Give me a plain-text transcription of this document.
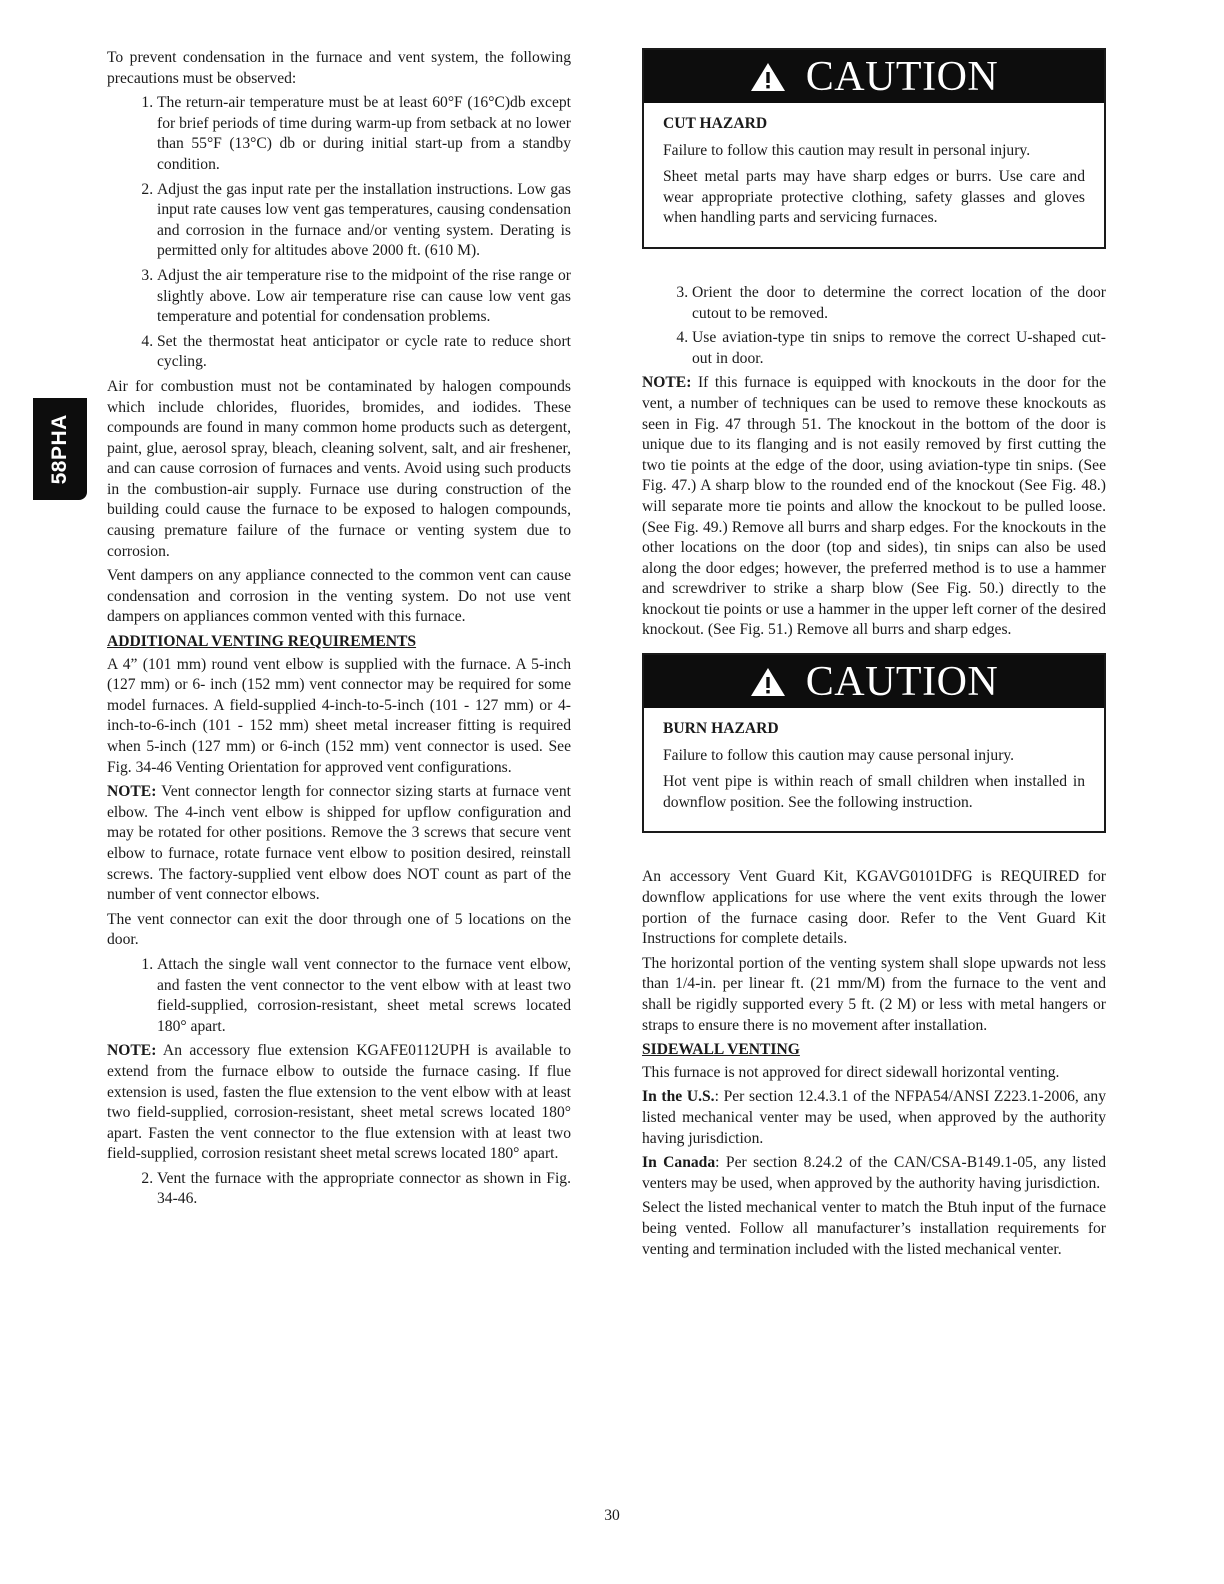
58PHA

To prevent condensation in the furnace and vent system, the following precautions must be observed:

1. The return-air temperature must be at least 60°F (16°C)db except for brief periods of time during warm-up from setback at no lower than 55°F (13°C) db or during initial start-up from a standby condition.
2. Adjust the gas input rate per the installation instructions. Low gas input rate causes low vent gas temperatures, causing condensation and corrosion in the furnace and/or venting system. Derating is permitted only for altitudes above 2000 ft. (610 M).
3. Adjust the air temperature rise to the midpoint of the rise range or slightly above. Low air temperature rise can cause low vent gas temperature and potential for condensation problems.
4. Set the thermostat heat anticipator or cycle rate to reduce short cycling.

Air for combustion must not be contaminated by halogen compounds which include chlorides, fluorides, bromides, and iodides. These compounds are found in many common home products such as detergent, paint, glue, aerosol spray, bleach, cleaning solvent, salt, and air freshener, and can cause corrosion of furnaces and vents. Avoid using such products in the combustion-air supply. Furnace use during construction of the building could cause the furnace to be exposed to halogen compounds, causing premature failure of the furnace or venting system due to corrosion.

Vent dampers on any appliance connected to the common vent can cause condensation and corrosion in the venting system. Do not use vent dampers on appliances common vented with this furnace.

ADDITIONAL VENTING REQUIREMENTS

A 4” (101 mm) round vent elbow is supplied with the furnace. A 5-inch (127 mm) or 6- inch (152 mm) vent connector may be required for some model furnaces. A field-supplied 4-inch-to-5-inch (101 - 127 mm) or 4-inch-to-6-inch (101 - 152 mm) sheet metal increaser fitting is required when 5-inch (127 mm) or 6-inch (152 mm) vent connector is used. See Fig. 34-46 Venting Orientation for approved vent configurations.

NOTE: Vent connector length for connector sizing starts at furnace vent elbow. The 4-inch vent elbow is shipped for upflow configuration and may be rotated for other positions. Remove the 3 screws that secure vent elbow to furnace, rotate furnace vent elbow to position desired, reinstall screws. The factory-supplied vent elbow does NOT count as part of the number of vent connector elbows.

The vent connector can exit the door through one of 5 locations on the door.

1. Attach the single wall vent connector to the furnace vent elbow, and fasten the vent connector to the vent elbow with at least two field-supplied, corrosion-resistant, sheet metal screws located 180° apart.

NOTE: An accessory flue extension KGAFE0112UPH is available to extend from the furnace elbow to outside the furnace casing. If flue extension is used, fasten the flue extension to the vent elbow with at least two field-supplied, corrosion-resistant, sheet metal screws located 180° apart. Fasten the vent connector to the flue extension with at least two field-supplied, corrosion resistant sheet metal screws located 180° apart.

2. Vent the furnace with the appropriate connector as shown in Fig. 34-46.
CAUTION

CUT HAZARD

Failure to follow this caution may result in personal injury.

Sheet metal parts may have sharp edges or burrs. Use care and wear appropriate protective clothing, safety glasses and gloves when handling parts and servicing furnaces.

3. Orient the door to determine the correct location of the door cutout to be removed.
4. Use aviation-type tin snips to remove the correct U-shaped cut-out in door.

NOTE: If this furnace is equipped with knockouts in the door for the vent, a number of techniques can be used to remove these knockouts as seen in Fig. 47 through 51. The knockout in the bottom of the door is unique due to its flanging and is not easily removed by first cutting the two tie points at the edge of the door, using aviation-type tin snips. (See Fig. 47.) A sharp blow to the rounded end of the knockout (See Fig. 48.) will separate more tie points and allow the knockout to be pulled loose. (See Fig. 49.) Remove all burrs and sharp edges. For the knockouts in the other locations on the door (top and sides), tin snips can also be used along the door edges; however, the preferred method is to use a hammer and screwdriver to strike a sharp blow (See Fig. 50.) directly to the knockout tie points or use a hammer in the upper left corner of the desired knockout. (See Fig. 51.) Remove all burrs and sharp edges.

CAUTION

BURN HAZARD

Failure to follow this caution may cause personal injury.

Hot vent pipe is within reach of small children when installed in downflow position. See the following instruction.

An accessory Vent Guard Kit, KGAVG0101DFG is REQUIRED for downflow applications for use where the vent exits through the lower portion of the furnace casing door. Refer to the Vent Guard Kit Instructions for complete details.

The horizontal portion of the venting system shall slope upwards not less than 1/4-in. per linear ft. (21 mm/M) from the furnace to the vent and shall be rigidly supported every 5 ft. (2 M) or less with metal hangers or straps to ensure there is no movement after installation.

SIDEWALL VENTING

This furnace is not approved for direct sidewall horizontal venting.

In the U.S.: Per section 12.4.3.1 of the NFPA54/ANSI Z223.1-2006, any listed mechanical venter may be used, when approved by the authority having jurisdiction.

In Canada: Per section 8.24.2 of the CAN/CSA-B149.1-05, any listed venters may be used, when approved by the authority having jurisdiction.

Select the listed mechanical venter to match the Btuh input of the furnace being vented. Follow all manufacturer’s installation requirements for venting and termination included with the listed mechanical venter.

30
